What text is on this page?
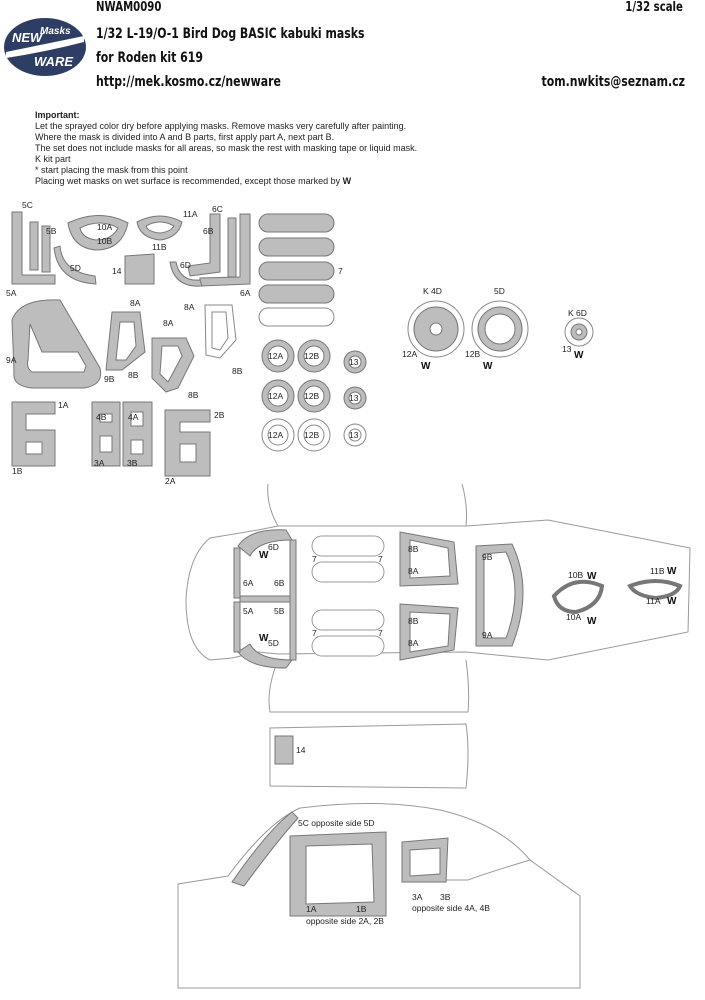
NWAM0090	1/32 scale
1/32 L-19/O-1 Bird Dog BASIC kabuki masks
for Roden kit 619
http://mek.kosmo.cz/newware	tom.nwkits@seznam.cz
NEW
Masks
WARE
Important:
Let the sprayed color dry before applying masks. Remove masks very carefully after painting.
Where the mask is divided into A and B parts, first apply part A, next part B.
The set does not include masks for all areas, so mask the rest with masking tape or liquid mask.
K kit part
* start placing the mask from this point
Placing wet masks on wet surface is recommended, except those marked by W
5C
5B
5A
5D
10A
10B
11A
11B
14
6C
6B
6D
6A
7
8A
8A
8A
8B
8B
8B
9A
9B
12A 12B
13
12A 12B	13
12A 12B	13
1A
1B
4B	4A
3A	3B
2A
2B
K 4D	5D
K 6D
12A	12B	13
W	W
W
6D
6A 6B
5A 5B
5D
7	7
7	7
8B
8A
8B
8A
9B
9A
10B
10A
11B
11A
14
W
W
W
W
W
W
5C opposite side 5D
1A	1B
opposite side 2A, 2B
3A 3B
opposite side 4A, 4B
